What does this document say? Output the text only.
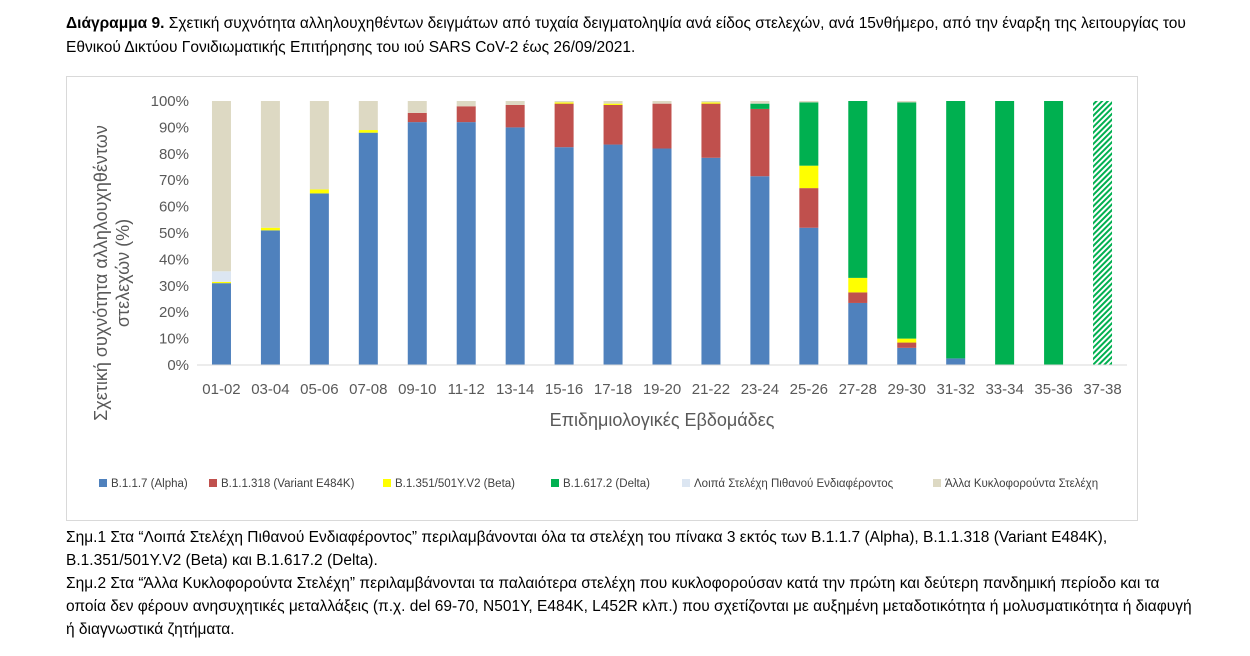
Διάγραμμα 9. Σχετική συχνότητα αλληλουχηθέντων δειγμάτων από τυχαία δειγματοληψία ανά είδος στελεχών, ανά 15νθήμερο, από την έναρξη της λειτουργίας του Εθνικού Δικτύου Γονιδιωματικής Επιτήρησης του ιού SARS CoV-2 έως 26/09/2021.
0%
10%
20%
30%
40%
50%
60%
70%
80%
90%
100%
01-02 03-04 05-06 07-08 09-10 11-12 13-14 15-16 17-18 19-20 21-22 23-24 25-26 27-28 29-30 31-32 33-34 35-36 37-38
Επιδημιολογικές Εβδομάδες
Σχετική συχνότητα αλληλουχηθέντων στελεχών (%)
B.1.1.7 (Alpha)	B.1.1.318 (Variant E484K)	B.1.351/501Y.V2 (Beta)	B.1.617.2 (Delta)	Λοιπά Στελέχη Πιθανού Ενδιαφέροντος	Άλλα Κυκλοφορούντα Στελέχη

Σημ.1 Στα “Λοιπά Στελέχη Πιθανού Ενδιαφέροντος” περιλαμβάνονται όλα τα στελέχη του πίνακα 3 εκτός των Β.1.1.7 (Alpha), B.1.1.318 (Variant E484K), B.1.351/501Y.V2 (Beta) και B.1.617.2 (Delta).

Σημ.2 Στα “Άλλα Κυκλοφορούντα Στελέχη” περιλαμβάνονται τα παλαιότερα στελέχη που κυκλοφορούσαν κατά την πρώτη και δεύτερη πανδημική περίοδο και τα οποία δεν φέρουν ανησυχητικές μεταλλάξεις (π.χ. del 69-70, N501Y, E484K, L452R κλπ.) που σχετίζονται με αυξημένη μεταδοτικότητα ή μολυσματικότητα ή διαφυγή ή διαγνωστικά ζητήματα.
